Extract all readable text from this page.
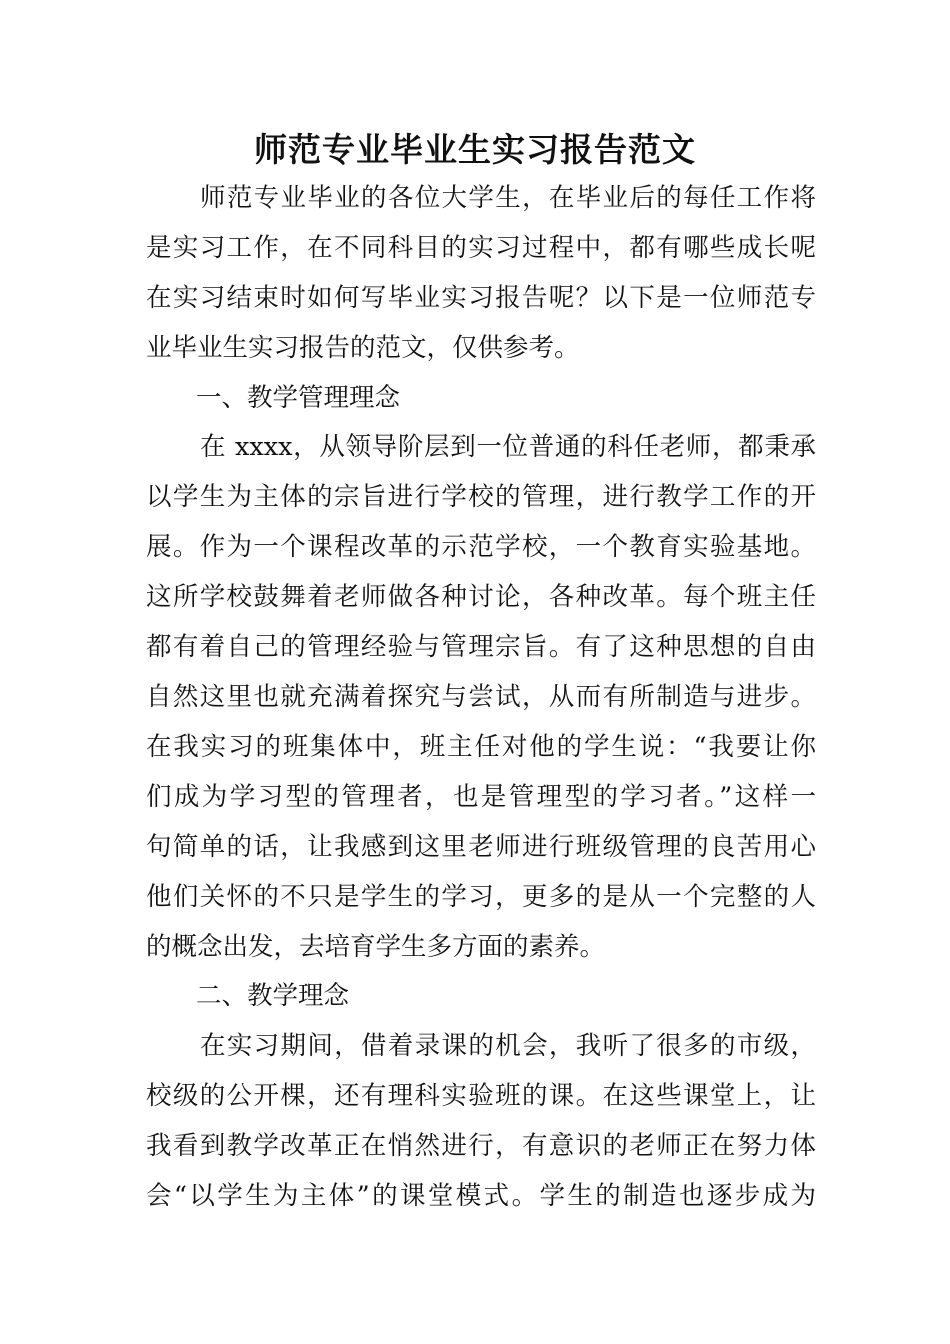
师范专业毕业生实习报告范文
师范专业毕业的各位大学生，在毕业后的每任工作将
是实习工作，在不同科目的实习过程中，都有哪些成长呢
在实习结束时如何写毕业实习报告呢？以下是一位师范专
业毕业生实习报告的范文，仅供参考。
一、教学管理理念
在 xxxx，从领导阶层到一位普通的科任老师，都秉承
以学生为主体的宗旨进行学校的管理，进行教学工作的开
展。作为一个课程改革的示范学校，一个教育实验基地。
这所学校鼓舞着老师做各种讨论，各种改革。每个班主任
都有着自己的管理经验与管理宗旨。有了这种思想的自由
自然这里也就充满着探究与尝试，从而有所制造与进步。
在我实习的班集体中，班主任对他的学生说：“我要让你
们成为学习型的管理者，也是管理型的学习者。”这样一
句简单的话，让我感到这里老师进行班级管理的良苦用心
他们关怀的不只是学生的学习，更多的是从一个完整的人
的概念出发，去培育学生多方面的素养。
二、教学理念
在实习期间，借着录课的机会，我听了很多的市级，
校级的公开棵，还有理科实验班的课。在这些课堂上，让
我看到教学改革正在悄然进行，有意识的老师正在努力体
会“以学生为主体”的课堂模式。学生的制造也逐步成为
